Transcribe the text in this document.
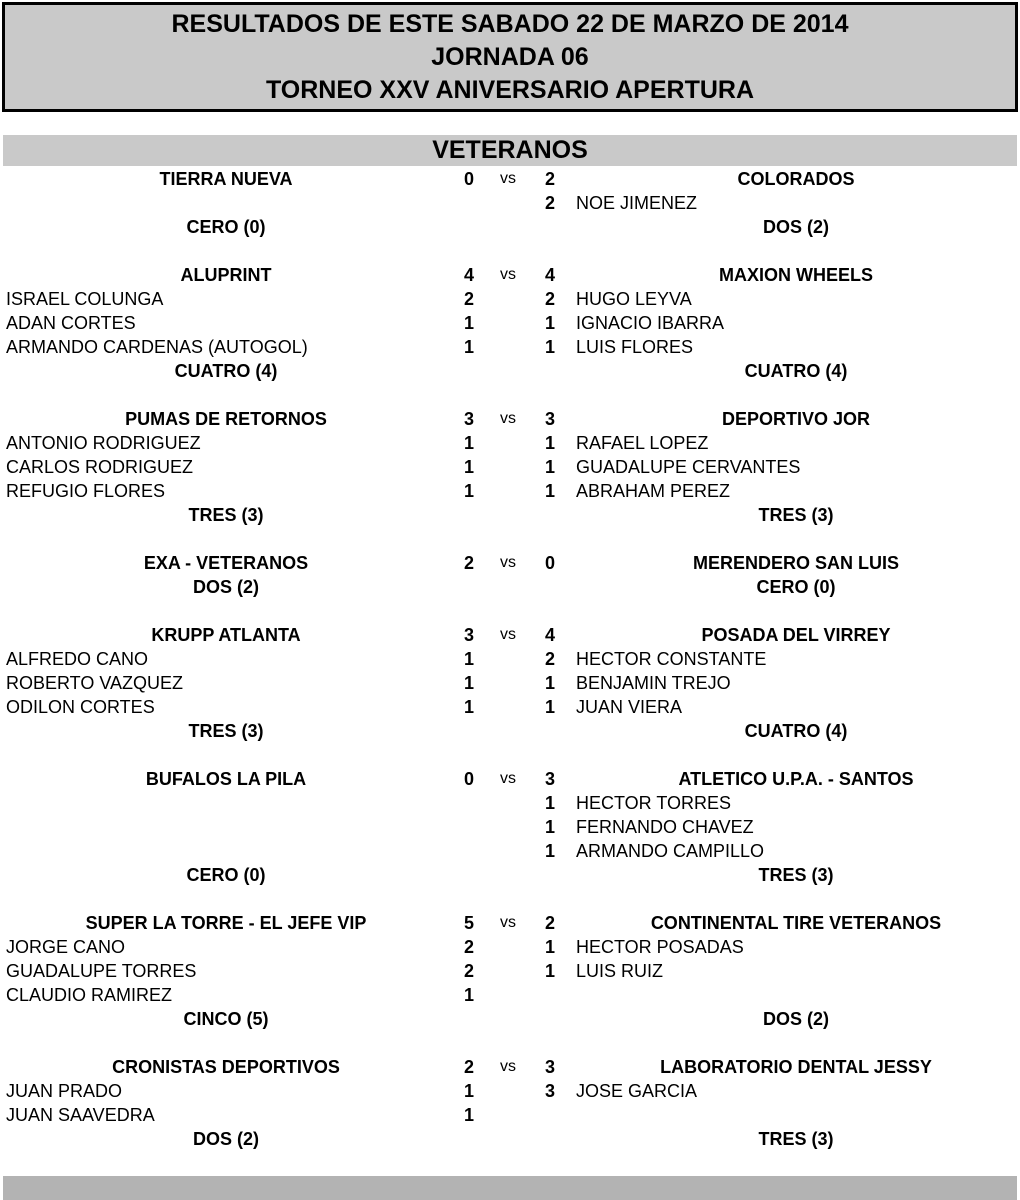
RESULTADOS DE ESTE SABADO 22 DE MARZO DE 2014
JORNADA 06
TORNEO XXV ANIVERSARIO APERTURA
VETERANOS
TIERRA NUEVA	0	vs	2	COLORADOS
2	NOE JIMENEZ
CERO (0)	DOS (2)
ALUPRINT	4	vs	4	MAXION WHEELS
ISRAEL COLUNGA	2	2	HUGO LEYVA
ADAN CORTES	1	1	IGNACIO IBARRA
ARMANDO CARDENAS (AUTOGOL)	1	1	LUIS FLORES
CUATRO (4)	CUATRO (4)
PUMAS DE RETORNOS	3	vs	3	DEPORTIVO JOR
ANTONIO RODRIGUEZ	1	1	RAFAEL LOPEZ
CARLOS RODRIGUEZ	1	1	GUADALUPE CERVANTES
REFUGIO FLORES	1	1	ABRAHAM PEREZ
TRES (3)	TRES (3)
EXA - VETERANOS	2	vs	0	MERENDERO SAN LUIS
DOS (2)	CERO (0)
KRUPP ATLANTA	3	vs	4	POSADA DEL VIRREY
ALFREDO CANO	1	2	HECTOR CONSTANTE
ROBERTO VAZQUEZ	1	1	BENJAMIN TREJO
ODILON CORTES	1	1	JUAN VIERA
TRES (3)	CUATRO (4)
BUFALOS LA PILA	0	vs	3	ATLETICO U.P.A. - SANTOS
1	HECTOR TORRES
1	FERNANDO CHAVEZ
1	ARMANDO CAMPILLO
CERO (0)	TRES (3)
SUPER LA TORRE - EL JEFE VIP	5	vs	2	CONTINENTAL TIRE VETERANOS
JORGE CANO	2	1	HECTOR POSADAS
GUADALUPE TORRES	2	1	LUIS RUIZ
CLAUDIO RAMIREZ	1
CINCO (5)	DOS (2)
CRONISTAS DEPORTIVOS	2	vs	3	LABORATORIO DENTAL JESSY
JUAN PRADO	1	3	JOSE GARCIA
JUAN SAAVEDRA	1
DOS (2)	TRES (3)
